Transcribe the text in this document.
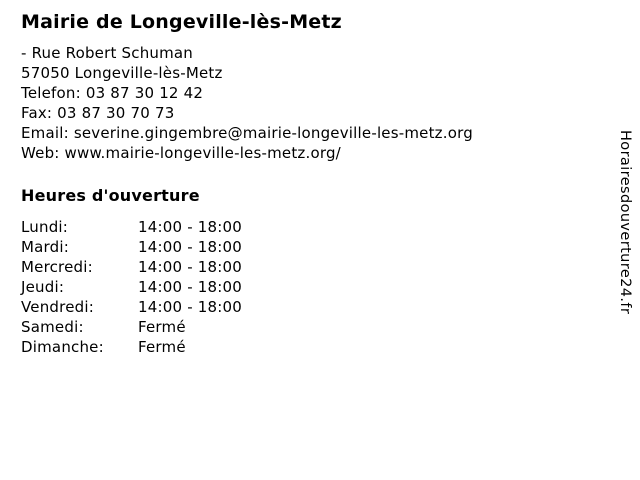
Mairie de Longeville-lès-Metz
- Rue Robert Schuman
57050 Longeville-lès-Metz
Telefon: 03 87 30 12 42
Fax: 03 87 30 70 73
Email: severine.gingembre@mairie-longeville-les-metz.org
Web: www.mairie-longeville-les-metz.org/
Heures d'ouverture
Lundi:	14:00 - 18:00
Mardi:	14:00 - 18:00
Mercredi:	14:00 - 18:00
Jeudi:	14:00 - 18:00
Vendredi:	14:00 - 18:00
Samedi:	Fermé
Dimanche:	Fermé
Horairesdouverture24.fr
